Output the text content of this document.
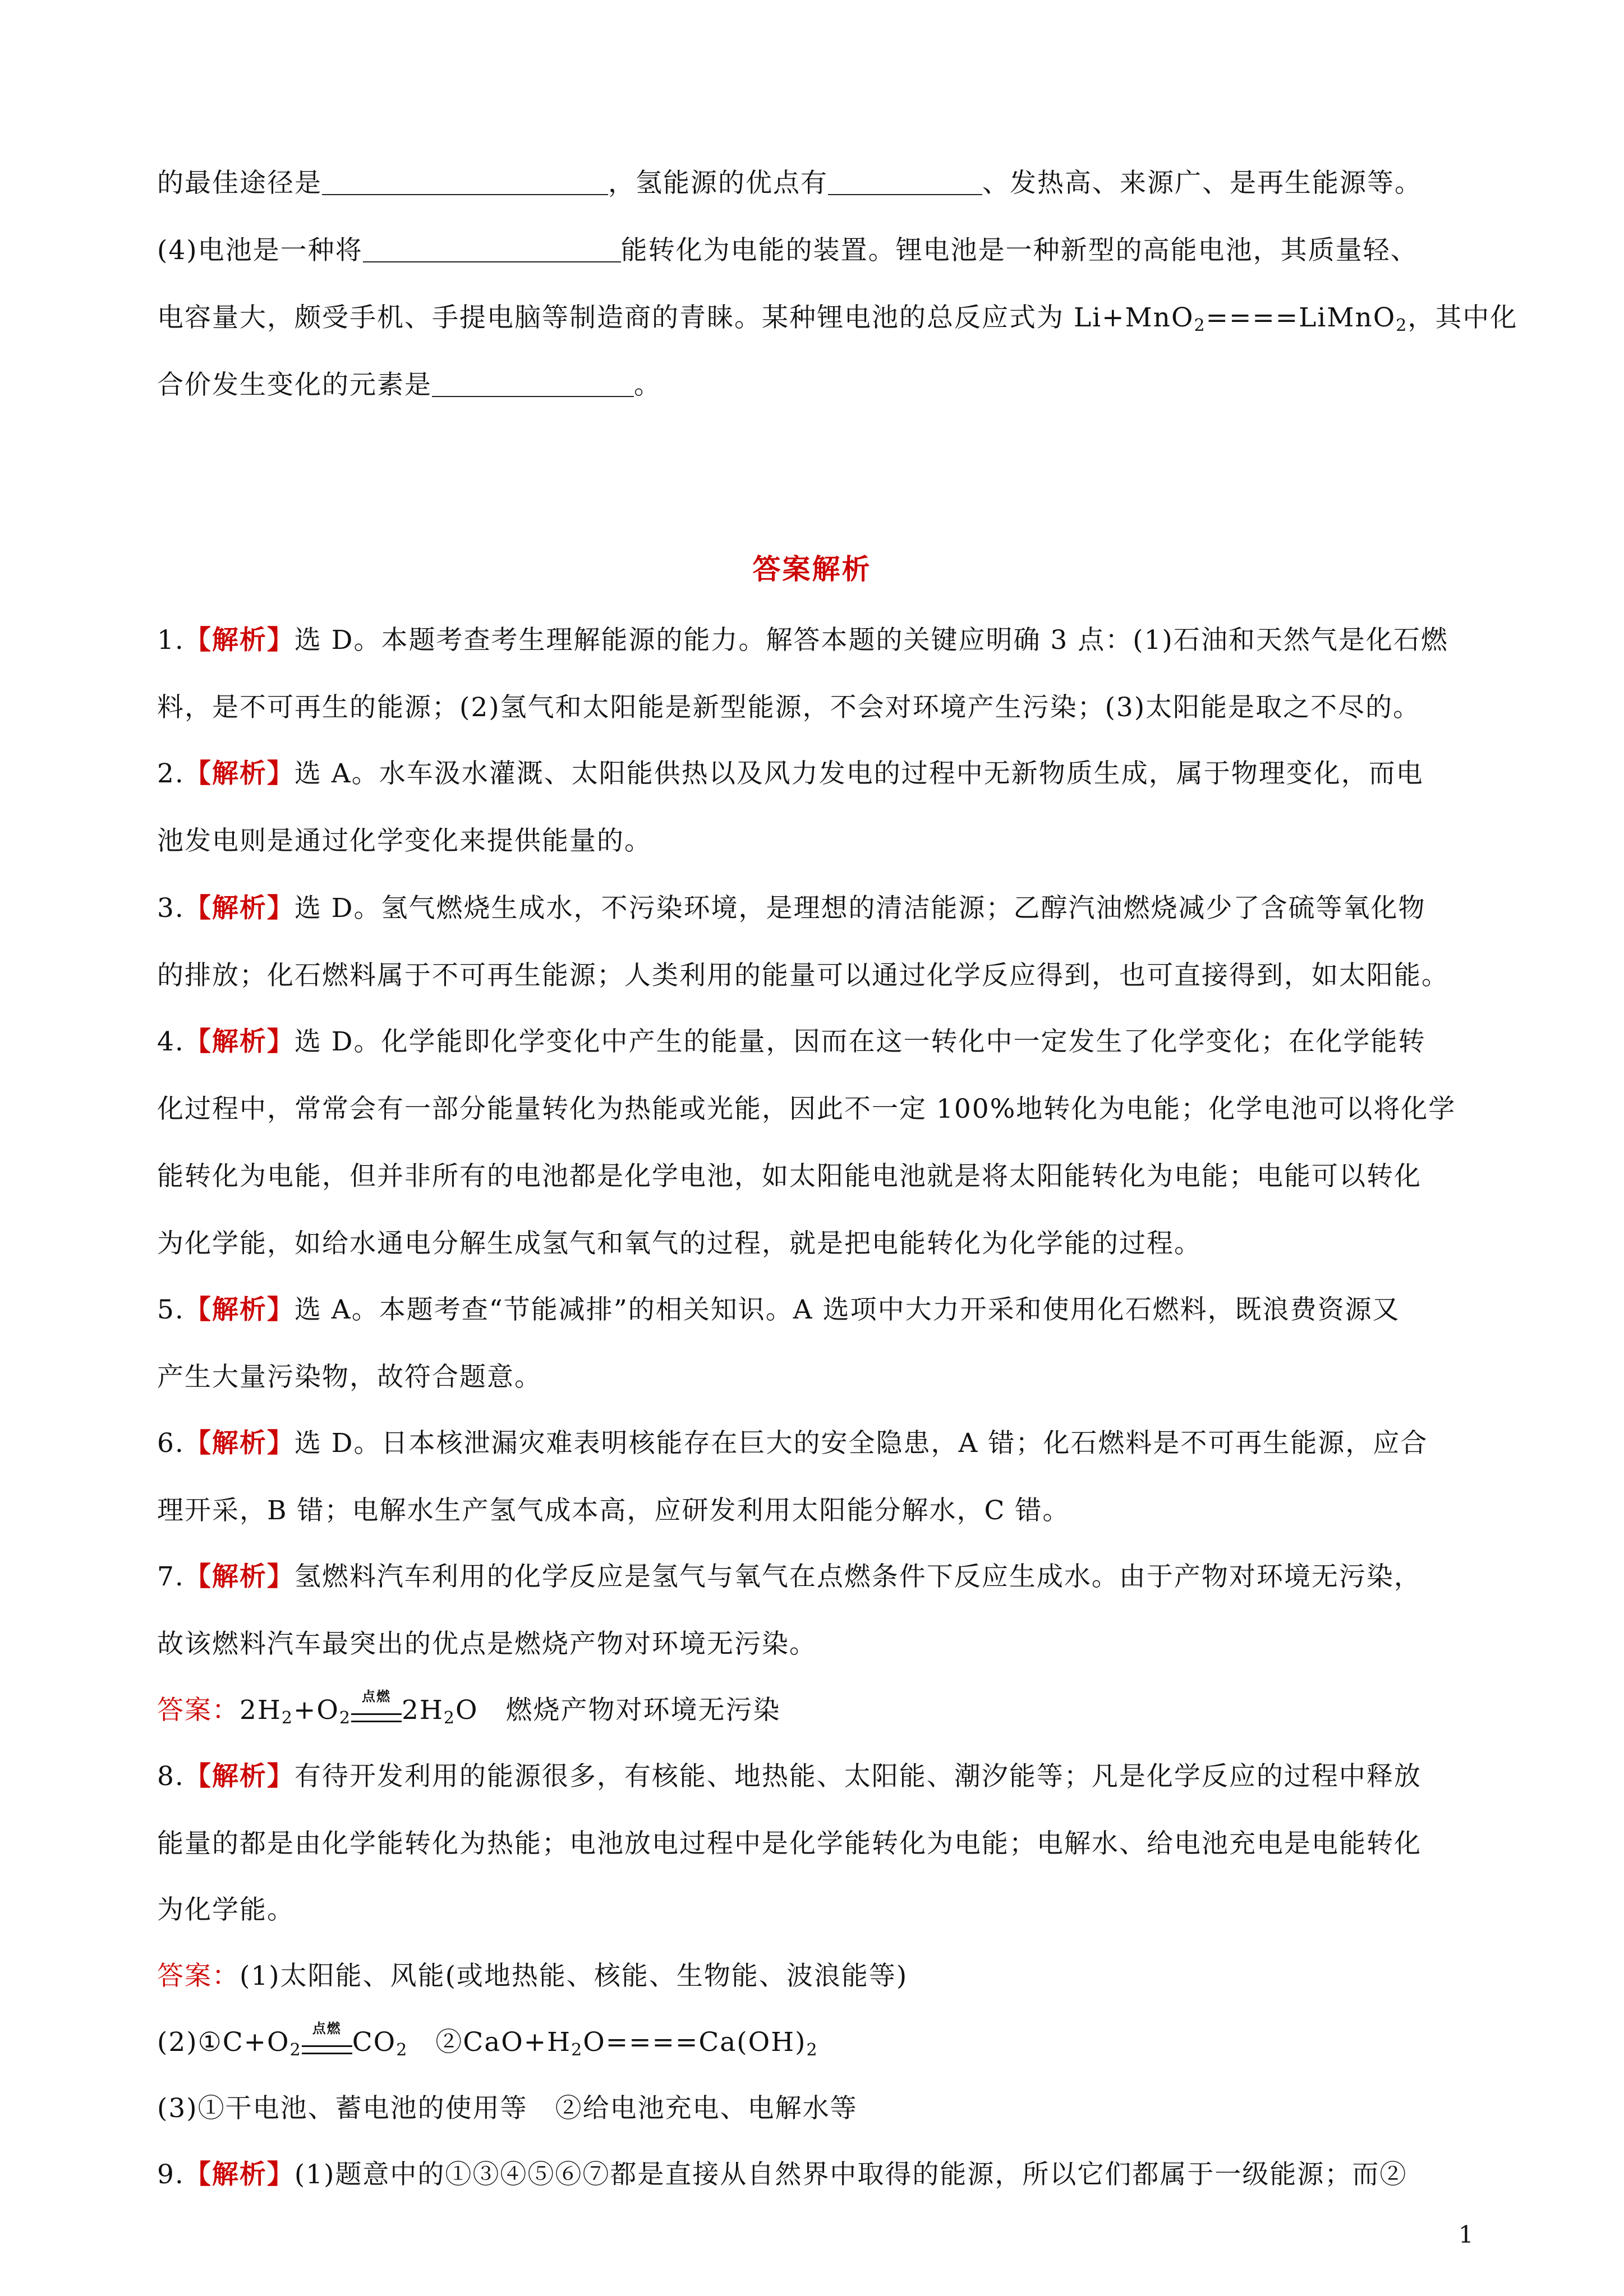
的最佳途径是	，氢能源的优点有	、发热高、来源广、是再生能源等。
(4)电池是一种将	能转化为电能的装置。锂电池是一种新型的高能电池，其质量轻、
电容量大，颇受手机、手提电脑等制造商的青睐。某种锂电池的总反应式为 Li+MnO$_2$====LiMnO$_2$，其中化
合价发生变化的元素是	。
答案解析
1.【解析】选 D。本题考查考生理解能源的能力。解答本题的关键应明确 3 点：(1)石油和天然气是化石燃
料，是不可再生的能源；(2)氢气和太阳能是新型能源，不会对环境产生污染；(3)太阳能是取之不尽的。
2.【解析】选 A。水车汲水灌溉、太阳能供热以及风力发电的过程中无新物质生成，属于物理变化，而电
池发电则是通过化学变化来提供能量的。
3.【解析】选 D。氢气燃烧生成水，不污染环境，是理想的清洁能源；乙醇汽油燃烧减少了含硫等氧化物
的排放；化石燃料属于不可再生能源；人类利用的能量可以通过化学反应得到，也可直接得到，如太阳能。
4.【解析】选 D。化学能即化学变化中产生的能量，因而在这一转化中一定发生了化学变化；在化学能转
化过程中，常常会有一部分能量转化为热能或光能，因此不一定 100%地转化为电能；化学电池可以将化学
能转化为电能，但并非所有的电池都是化学电池，如太阳能电池就是将太阳能转化为电能；电能可以转化
为化学能，如给水通电分解生成氢气和氧气的过程，就是把电能转化为化学能的过程。
5.【解析】选 A。本题考查“节能减排”的相关知识。A 选项中大力开采和使用化石燃料，既浪费资源又
产生大量污染物，故符合题意。
6.【解析】选 D。日本核泄漏灾难表明核能存在巨大的安全隐患，A 错；化石燃料是不可再生能源，应合
理开采，B 错；电解水生产氢气成本高，应研发利用太阳能分解水，C 错。
7.【解析】氢燃料汽车利用的化学反应是氢气与氧气在点燃条件下反应生成水。由于产物对环境无污染，
故该燃料汽车最突出的优点是燃烧产物对环境无污染。
答案：$2H_2+O_2$
点燃 $2H_2O$　燃烧产物对环境无污染
8.【解析】有待开发利用的能源很多，有核能、地热能、太阳能、潮汐能等；凡是化学反应的过程中释放
能量的都是由化学能转化为热能；电池放电过程中是化学能转化为电能；电解水、给电池充电是电能转化
为化学能。
答案：(1)太阳能、风能(或地热能、核能、生物能、波浪能等)
$(2)①C+O_2$
点燃 $CO_2$　$②CaO+H_2O====Ca(OH)_2$
(3)①干电池、蓄电池的使用等　②给电池充电、电解水等
9.【解析】(1)题意中的①③④⑤⑥⑦都是直接从自然界中取得的能源，所以它们都属于一级能源；而②
1
